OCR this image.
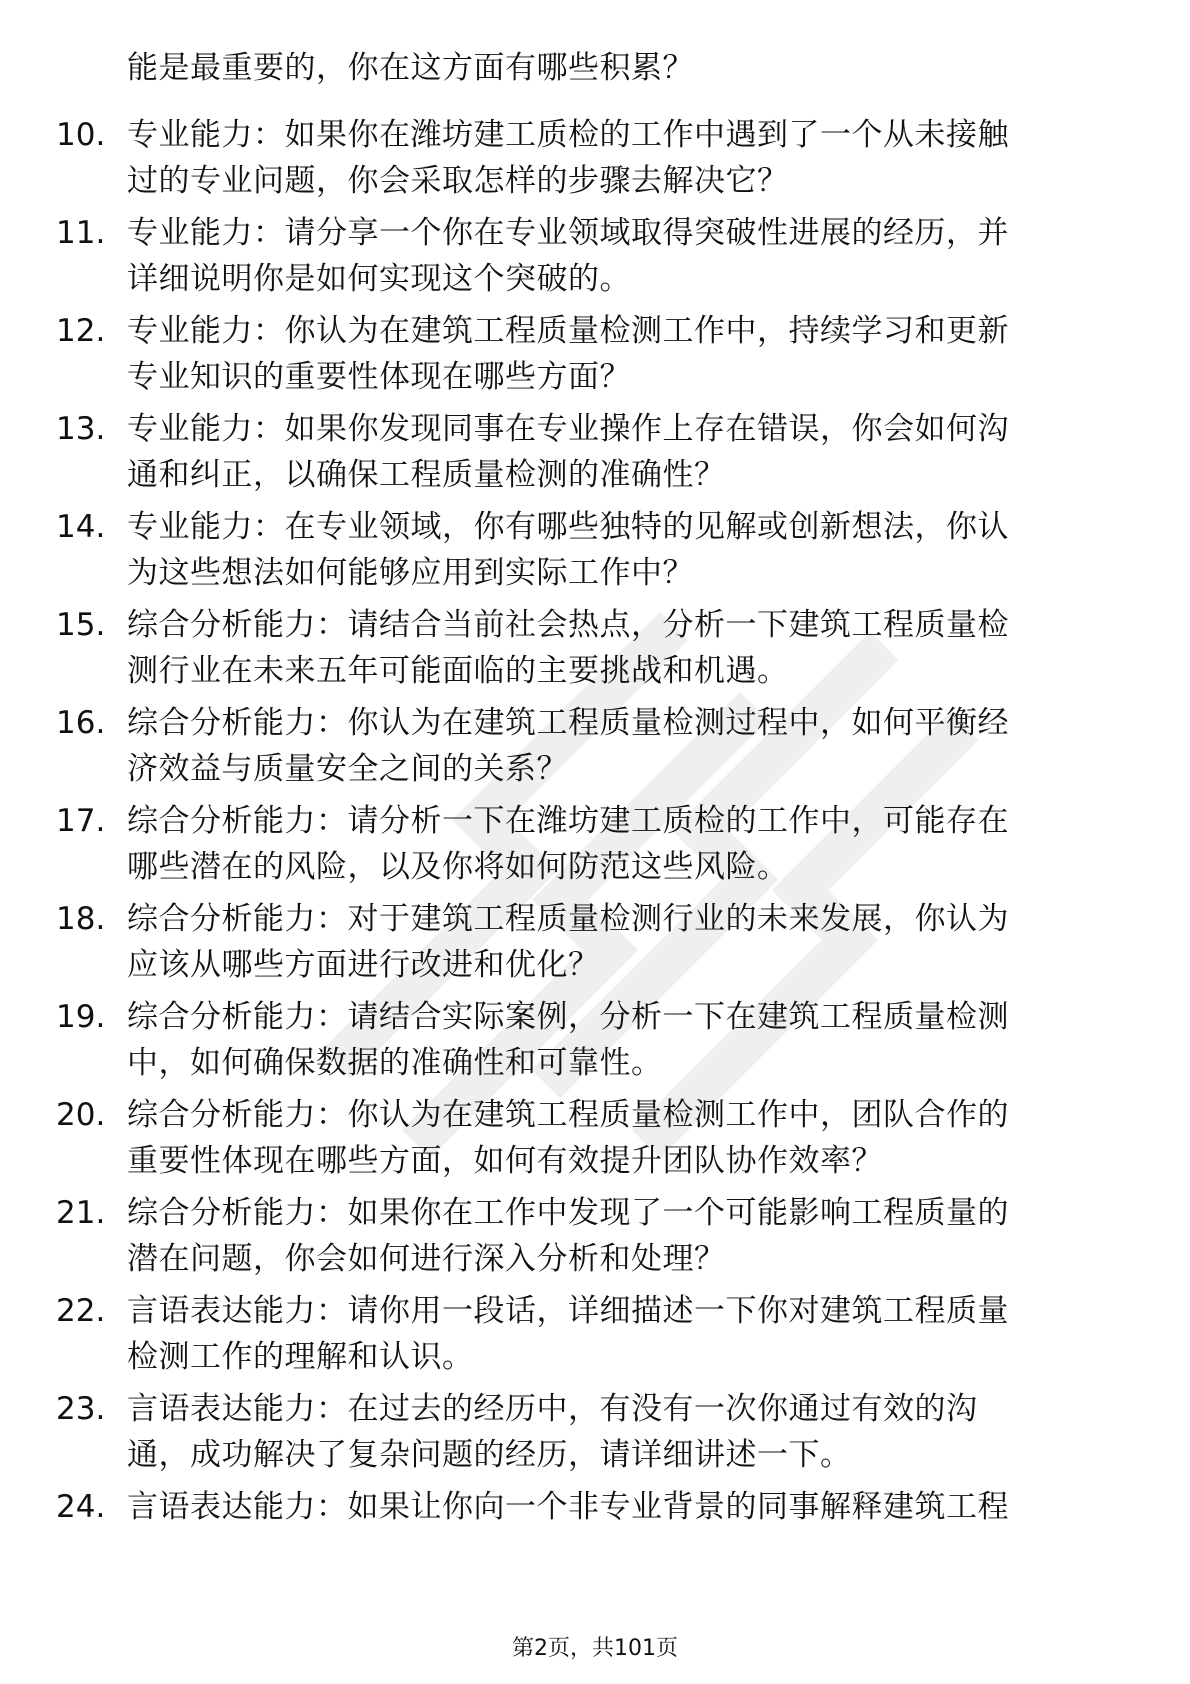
能是最重要的，你在这方面有哪些积累？
10. 专业能力：如果你在潍坊建工质检的工作中遇到了一个从未接触
过的专业问题，你会采取怎样的步骤去解决它？
11. 专业能力：请分享一个你在专业领域取得突破性进展的经历，并
详细说明你是如何实现这个突破的。
12. 专业能力：你认为在建筑工程质量检测工作中，持续学习和更新
专业知识的重要性体现在哪些方面？
13. 专业能力：如果你发现同事在专业操作上存在错误，你会如何沟
通和纠正，以确保工程质量检测的准确性？
14. 专业能力：在专业领域，你有哪些独特的见解或创新想法，你认
为这些想法如何能够应用到实际工作中？
15. 综合分析能力：请结合当前社会热点，分析一下建筑工程质量检
测行业在未来五年可能面临的主要挑战和机遇。
16. 综合分析能力：你认为在建筑工程质量检测过程中，如何平衡经
济效益与质量安全之间的关系？
17. 综合分析能力：请分析一下在潍坊建工质检的工作中，可能存在
哪些潜在的风险，以及你将如何防范这些风险。
18. 综合分析能力：对于建筑工程质量检测行业的未来发展，你认为
应该从哪些方面进行改进和优化？
19. 综合分析能力：请结合实际案例，分析一下在建筑工程质量检测
中，如何确保数据的准确性和可靠性。
20. 综合分析能力：你认为在建筑工程质量检测工作中，团队合作的
重要性体现在哪些方面，如何有效提升团队协作效率？
21. 综合分析能力：如果你在工作中发现了一个可能影响工程质量的
潜在问题，你会如何进行深入分析和处理？
22. 言语表达能力：请你用一段话，详细描述一下你对建筑工程质量
检测工作的理解和认识。
23. 言语表达能力：在过去的经历中，有没有一次你通过有效的沟
通，成功解决了复杂问题的经历，请详细讲述一下。
24. 言语表达能力：如果让你向一个非专业背景的同事解释建筑工程
第2页，共101页
